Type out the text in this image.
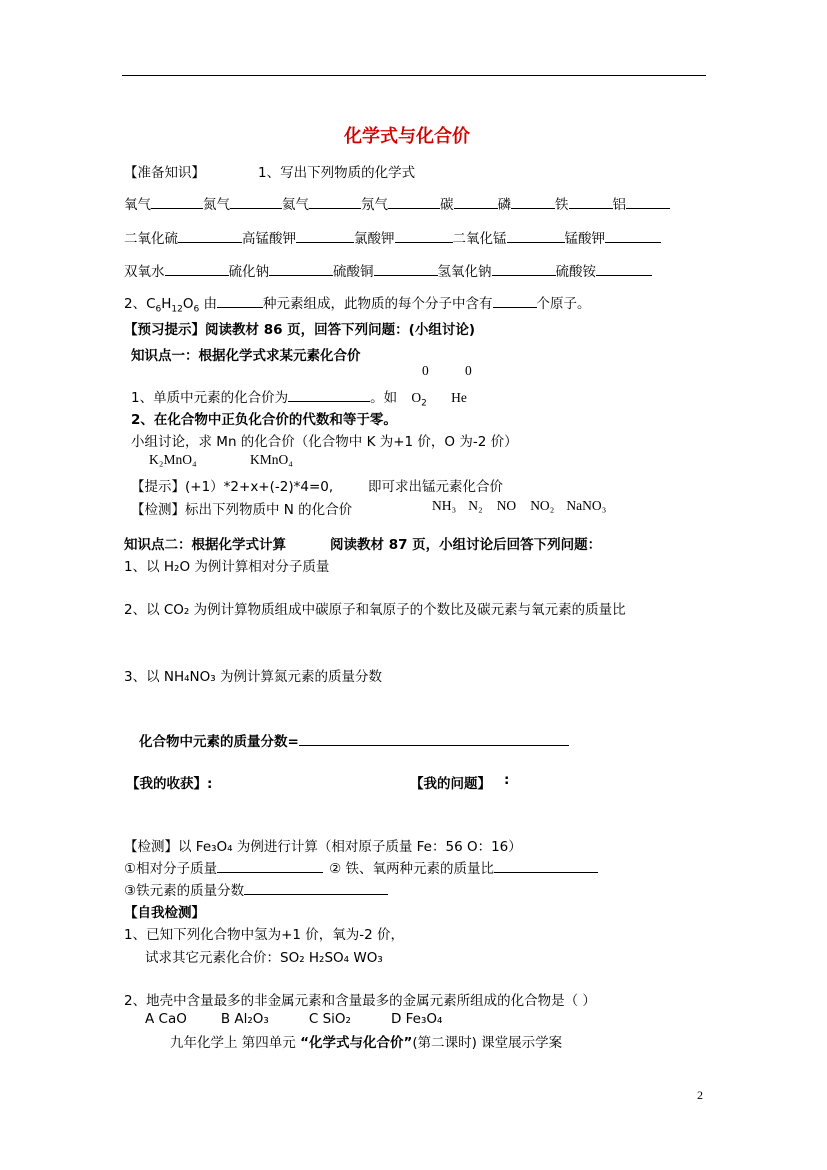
化学式与化合价
【准备知识】	1、写出下列物质的化学式
氧气	氮气	氦气	氖气	碳	磷	铁	铝
二氧化硫	高锰酸钾	氯酸钾	二氧化锰	锰酸钾
双氧水	硫化钠	硫酸铜	氢氧化钠	硫酸铵
2、$C_6H_{12}O_6$ 由	种元素组成，此物质的每个分子中含有	个原子。
【预习提示】阅读教材 86 页，回答下列问题：(小组讨论)
知识点一：根据化学式求某元素化合价
0	0
1、单质中元素的化合价为	。如 $O_2$ He
2、在化合物中正负化合价的代数和等于零。
小组讨论，求 Mn 的化合价（化合物中 K 为+1 价，O 为-2 价）
K₂MnO₄	KMnO₄
【提示】(+1）*2+x+(-2)*4=0,	即可求出锰元素化合价
【检测】标出下列物质中 N 的化合价	NH₃ N₂ NO NO₂ NaNO₃
知识点二：根据化学式计算	阅读教材 87 页，小组讨论后回答下列问题：
1、以 H₂O 为例计算相对分子质量
2、以 CO₂ 为例计算物质组成中碳原子和氧原子的个数比及碳元素与氧元素的质量比
3、以 NH₄NO₃ 为例计算氮元素的质量分数
化合物中元素的质量分数=
【我的收获】:	【我的问题】 :
【检测】以 Fe₃O₄ 为例进行计算（相对原子质量 Fe：56 O：16）
①相对分子质量	② 铁、氧两种元素的质量比
③铁元素的质量分数
【自我检测】
1、已知下列化合物中氢为+1 价，氧为-2 价，
试求其它元素化合价：SO₂ H₂SO₄ WO₃
2、地壳中含量最多的非金属元素和含量最多的金属元素所组成的化合物是（ ）
A CaO	B Al₂O₃	C SiO₂	D Fe₃O₄
九年化学上 第四单元 “化学式与化合价”(第二课时) 课堂展示学案
2
